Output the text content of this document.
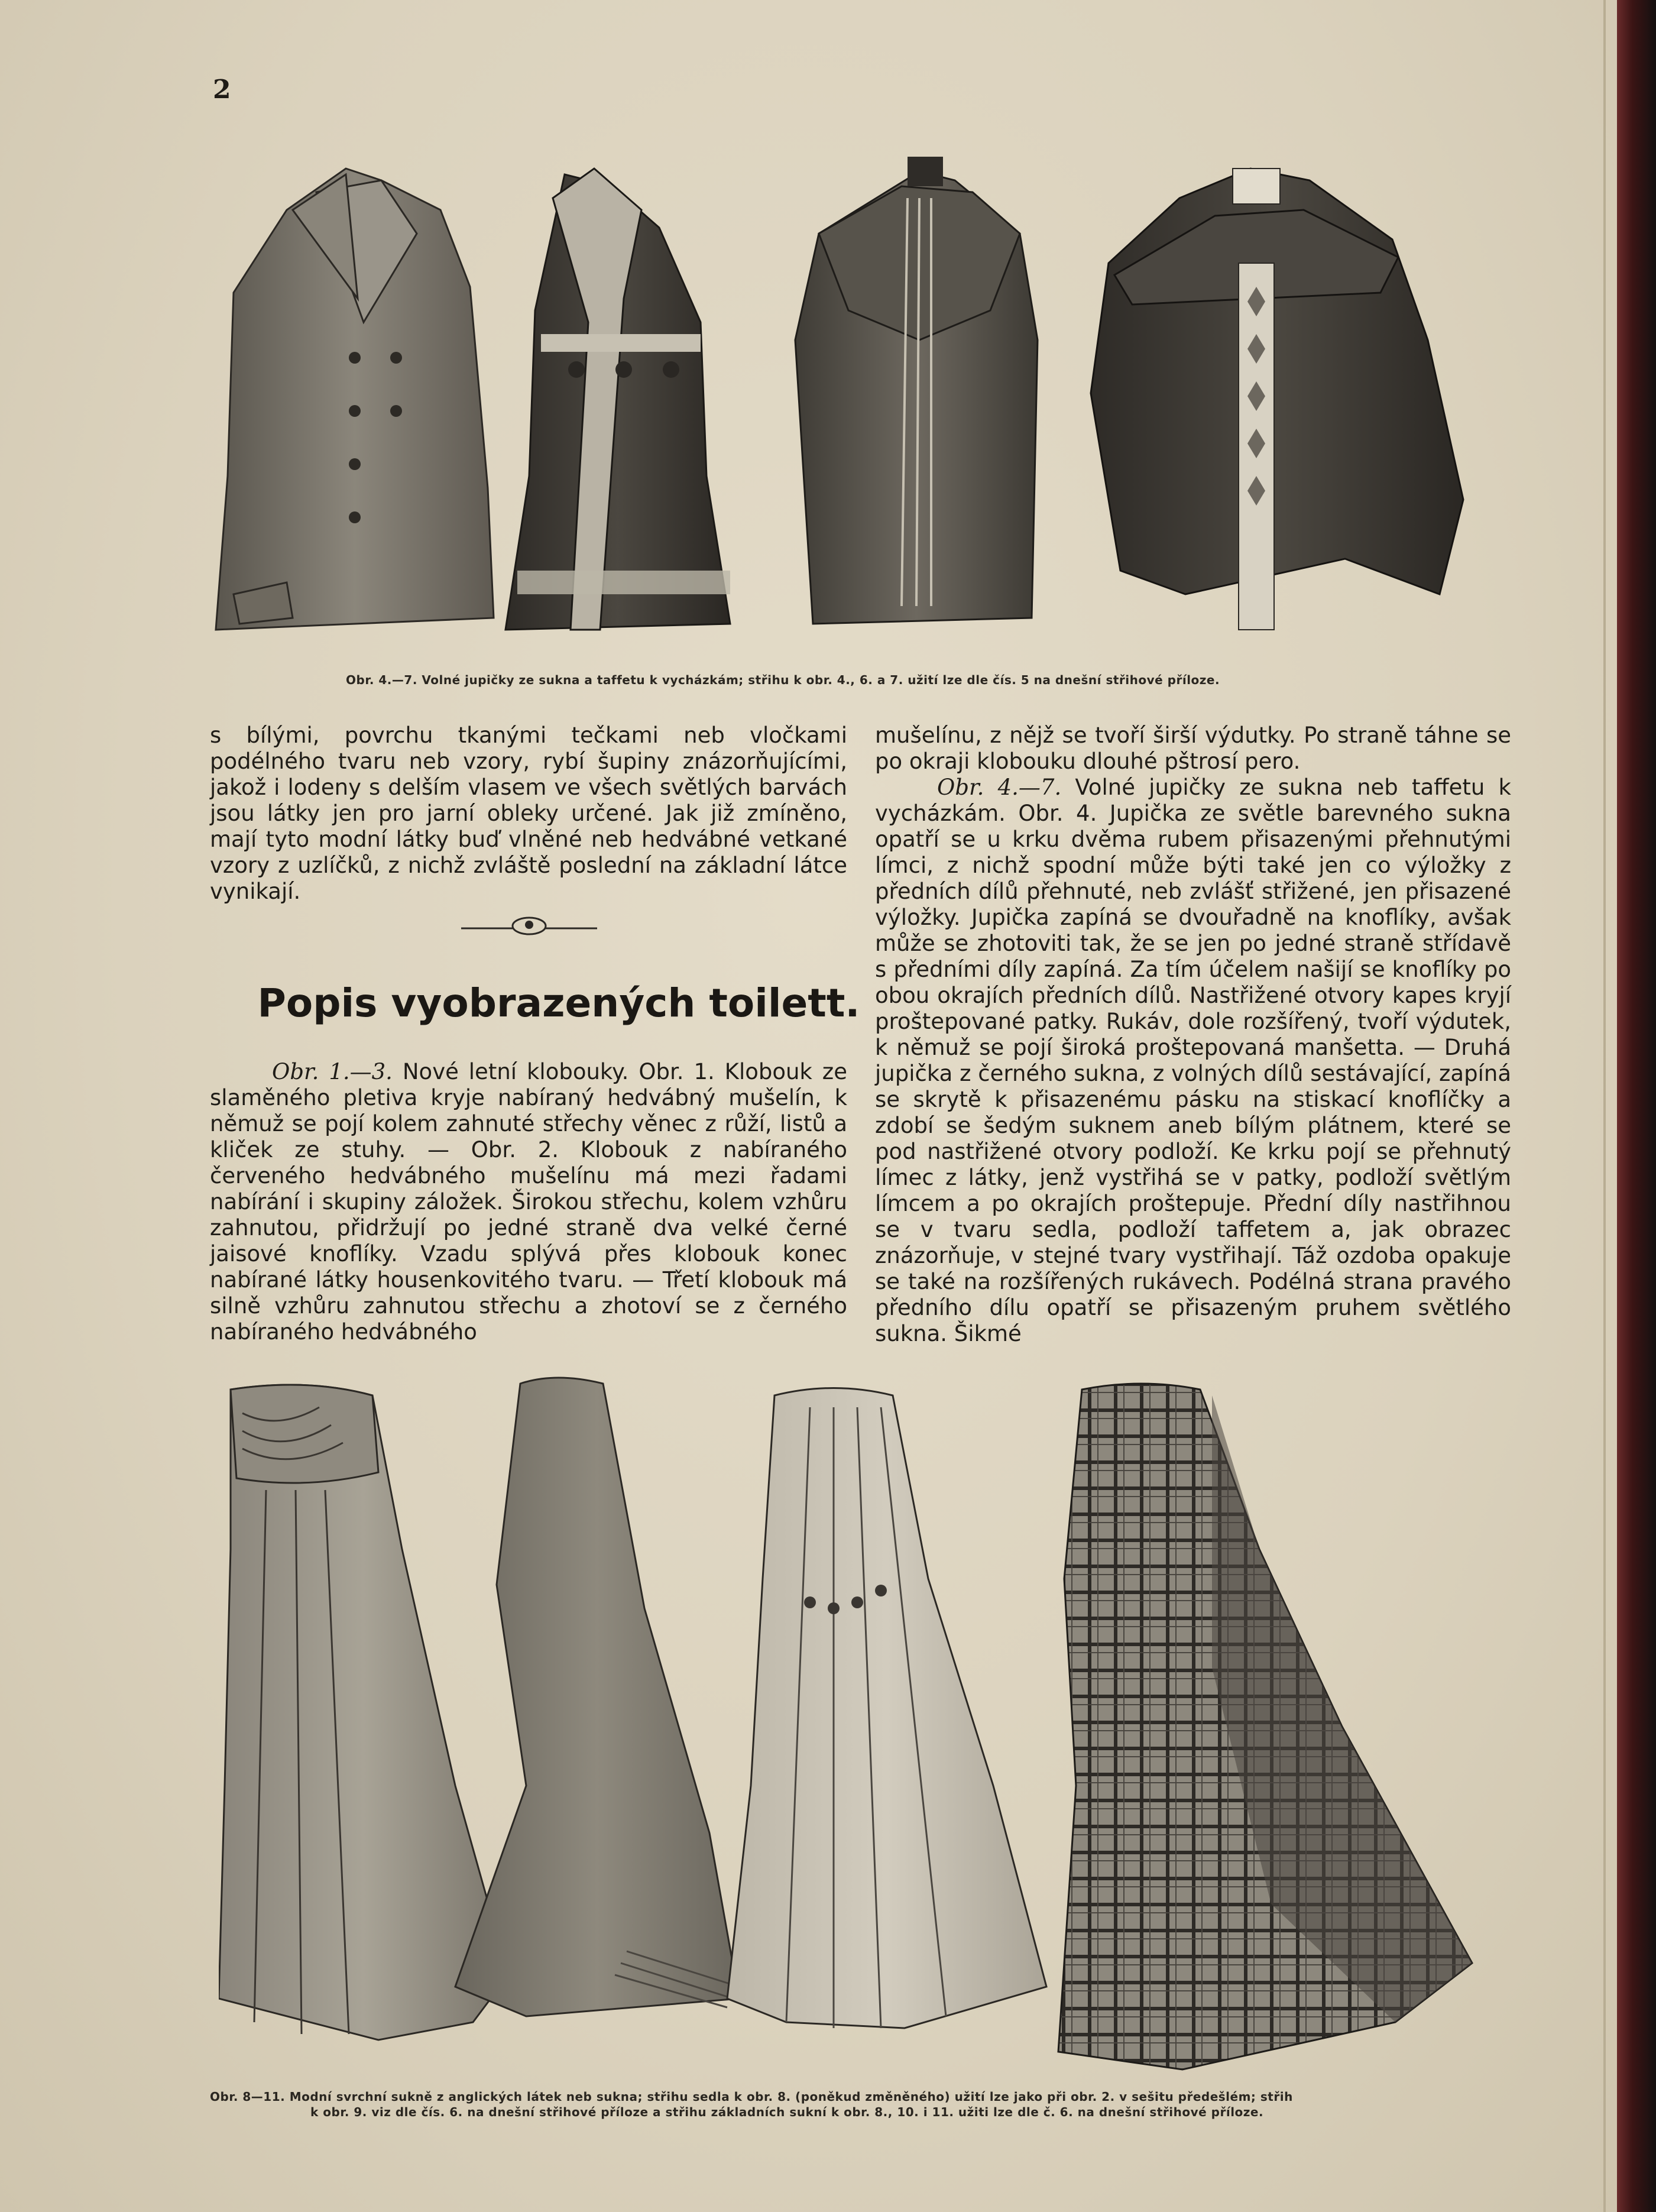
2
Obr. 4.—7. Volné jupičky ze sukna a taffetu k vycházkám; střihu k obr. 4., 6. a 7. užití lze dle čís. 5 na dnešní střihové příloze.

s bílými, povrchu tkanými tečkami neb vločkami podélného tvaru neb vzory, rybí šupiny znázorňujícími, jakož i lodeny s delším vlasem ve všech světlých barvách jsou látky jen pro jarní obleky určené. Jak již zmíněno, mají tyto modní látky buď vlněné neb hedvábné vetkané vzory z uzlíčků, z nichž zvláště poslední na základní látce vynikají.

Popis vyobrazených toilett.

Obr. 1.—3. Nové letní klobouky. Obr. 1. Klobouk ze slaměného pletiva kryje nabíraný hedvábný mušelín, k němuž se pojí kolem zahnuté střechy věnec z růží, listů a kliček ze stuhy. — Obr. 2. Klobouk z nabíraného červeného hedvábného mušelínu má mezi řadami nabírání i skupiny záložek. Širokou střechu, kolem vzhůru zahnutou, přidržují po jedné straně dva velké černé jaisové knoflíky. Vzadu splývá přes klobouk konec nabírané látky housenkovitého tvaru. — Třetí klobouk má silně vzhůru zahnutou střechu a zhotoví se z černého nabíraného hedvábného

mušelínu, z nějž se tvoří širší výdutky. Po straně táhne se po okraji klobouku dlouhé pštrosí pero.

Obr. 4.—7. Volné jupičky ze sukna neb taffetu k vycházkám. Obr. 4. Jupička ze světle barevného sukna opatří se u krku dvěma rubem přisazenými přehnutými límci, z nichž spodní může býti také jen co výložky z předních dílů přehnuté, neb zvlášť střižené, jen přisazené výložky. Jupička zapíná se dvouřadně na knoflíky, avšak může se zhotoviti tak, že se jen po jedné straně střídavě s předními díly zapíná. Za tím účelem našijí se knoflíky po obou okrajích předních dílů. Nastřižené otvory kapes kryjí proštepované patky. Rukáv, dole rozšířený, tvoří výdutek, k němuž se pojí široká proštepovaná manšetta. — Druhá jupička z černého sukna, z volných dílů sestávající, zapíná se skrytě k přisazenému pásku na stiskací knoflíčky a zdobí se šedým suknem aneb bílým plátnem, které se pod nastřižené otvory podloží. Ke krku pojí se přehnutý límec z látky, jenž vystřihá se v patky, podloží světlým límcem a po okrajích proštepuje. Přední díly nastřihnou se v tvaru sedla, podloží taffetem a, jak obrazec znázorňuje, v stejné tvary vystřihají. Táž ozdoba opakuje se také na rozšířených rukávech. Podélná strana pravého předního dílu opatří se přisazeným pruhem světlého sukna. Šikmé

Obr. 8—11. Modní svrchní sukně z anglických látek neb sukna; střihu sedla k obr. 8. (poněkud změněného) užití lze jako při obr. 2. v sešitu předešlém; střih
k obr. 9. viz dle čís. 6. na dnešní střihové příloze a střihu základních sukní k obr. 8., 10. i 11. užiti lze dle č. 6. na dnešní střihové příloze.
